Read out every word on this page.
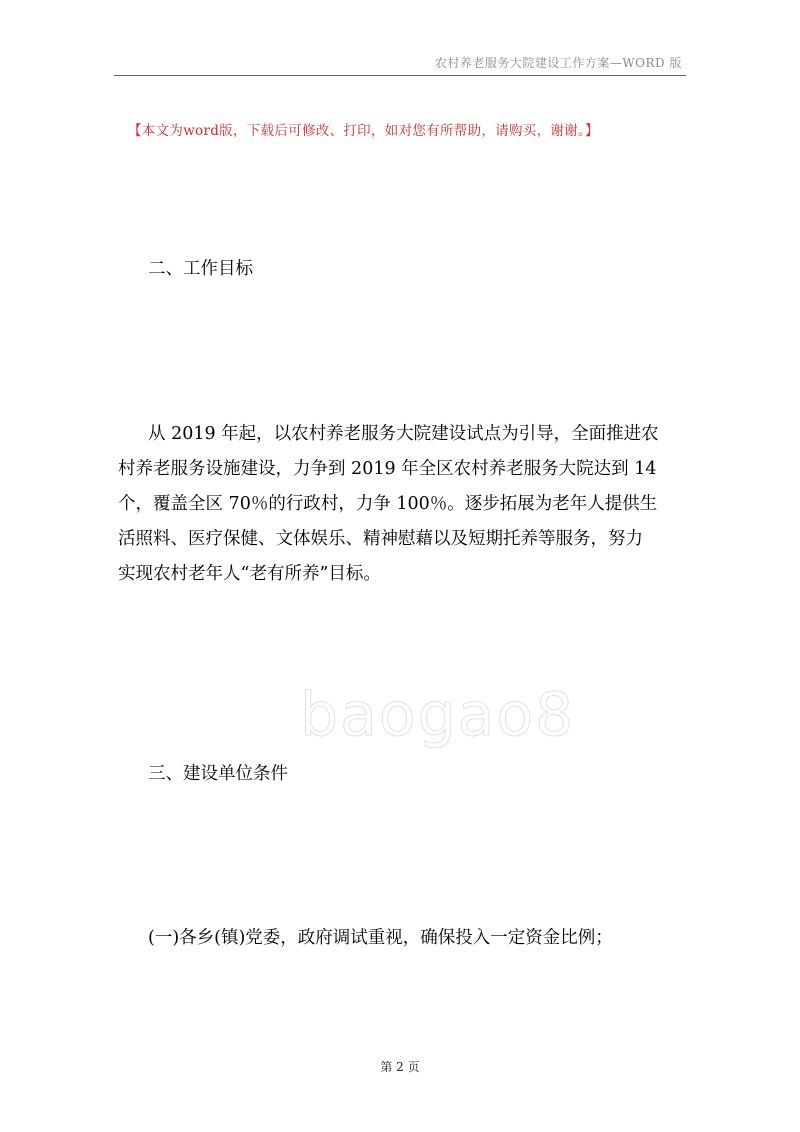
农村养老服务大院建设工作方案—WORD 版
【本文为word版，下载后可修改、打印，如对您有所帮助，请购买，谢谢。】
二、工作目标
从 2019 年起，以农村养老服务大院建设试点为引导，全面推进农
村养老服务设施建设，力争到 2019 年全区农村养老服务大院达到 14
个，覆盖全区 70％的行政村，力争 100％。逐步拓展为老年人提供生
活照料、医疗保健、文体娱乐、精神慰藉以及短期托养等服务，努力
实现农村老年人“老有所养”目标。
baogao8
三、建设单位条件
(一)各乡(镇)党委，政府调试重视，确保投入一定资金比例；
第 2 页
